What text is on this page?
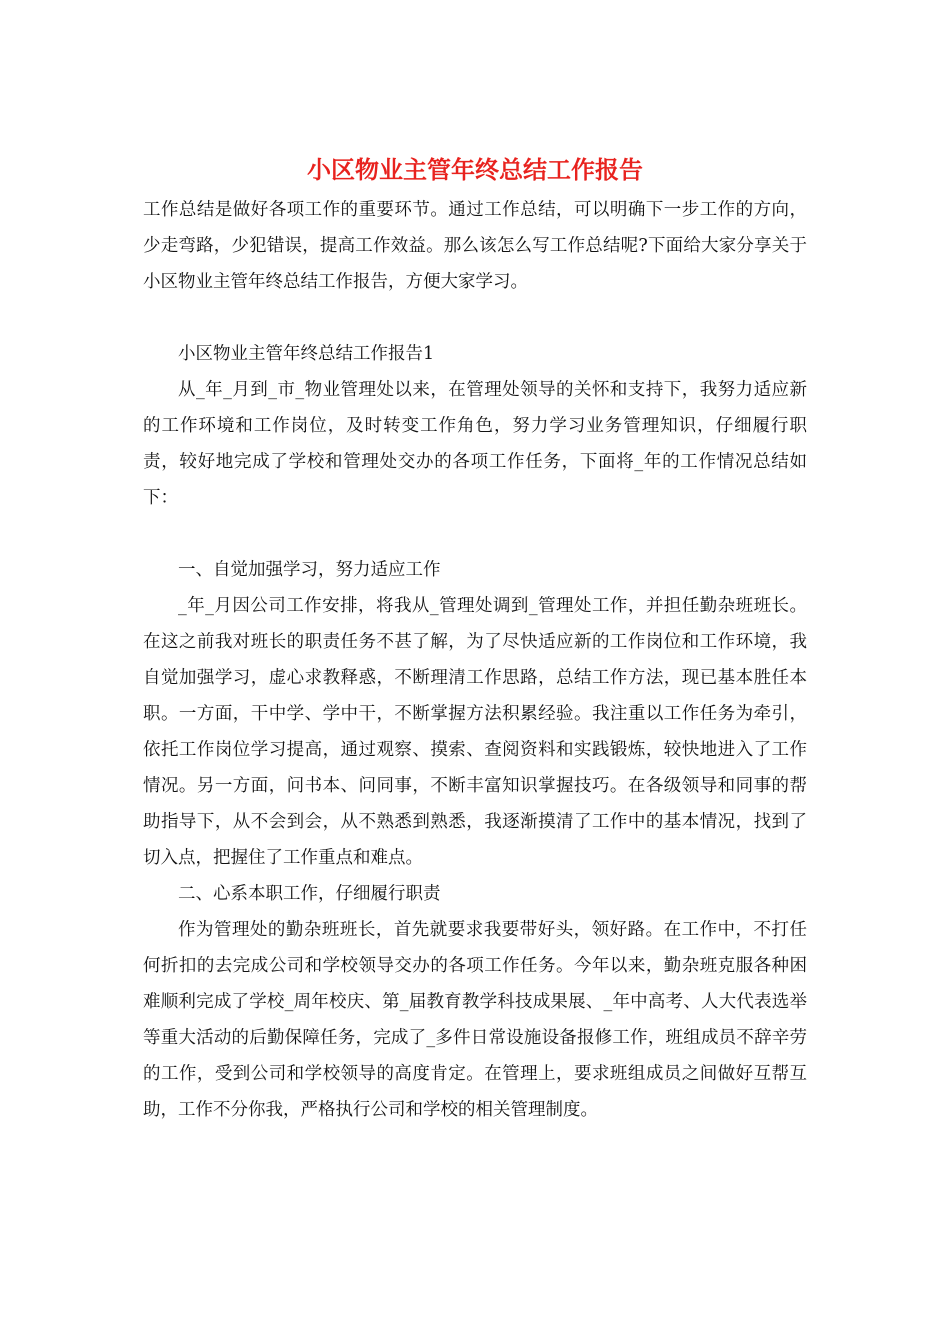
小区物业主管年终总结工作报告

工作总结是做好各项工作的重要环节。通过工作总结，可以明确下一步工作的方向，少走弯路，少犯错误，提高工作效益。那么该怎么写工作总结呢?下面给大家分享关于小区物业主管年终总结工作报告，方便大家学习。

小区物业主管年终总结工作报告1

从_年_月到_市_物业管理处以来，在管理处领导的关怀和支持下，我努力适应新的工作环境和工作岗位，及时转变工作角色，努力学习业务管理知识，仔细履行职责，较好地完成了学校和管理处交办的各项工作任务，下面将_年的工作情况总结如下：

一、自觉加强学习，努力适应工作

_年_月因公司工作安排，将我从_管理处调到_管理处工作，并担任勤杂班班长。在这之前我对班长的职责任务不甚了解，为了尽快适应新的工作岗位和工作环境，我自觉加强学习，虚心求教释惑，不断理清工作思路，总结工作方法，现已基本胜任本职。一方面，干中学、学中干，不断掌握方法积累经验。我注重以工作任务为牵引，依托工作岗位学习提高，通过观察、摸索、查阅资料和实践锻炼，较快地进入了工作情况。另一方面，问书本、问同事，不断丰富知识掌握技巧。在各级领导和同事的帮助指导下，从不会到会，从不熟悉到熟悉，我逐渐摸清了工作中的基本情况，找到了切入点，把握住了工作重点和难点。

二、心系本职工作，仔细履行职责

作为管理处的勤杂班班长，首先就要求我要带好头，领好路。在工作中，不打任何折扣的去完成公司和学校领导交办的各项工作任务。今年以来，勤杂班克服各种困难顺利完成了学校_周年校庆、第_届教育教学科技成果展、_年中高考、人大代表选举等重大活动的后勤保障任务，完成了_多件日常设施设备报修工作，班组成员不辞辛劳的工作，受到公司和学校领导的高度肯定。在管理上，要求班组成员之间做好互帮互助，工作不分你我，严格执行公司和学校的相关管理制度。
